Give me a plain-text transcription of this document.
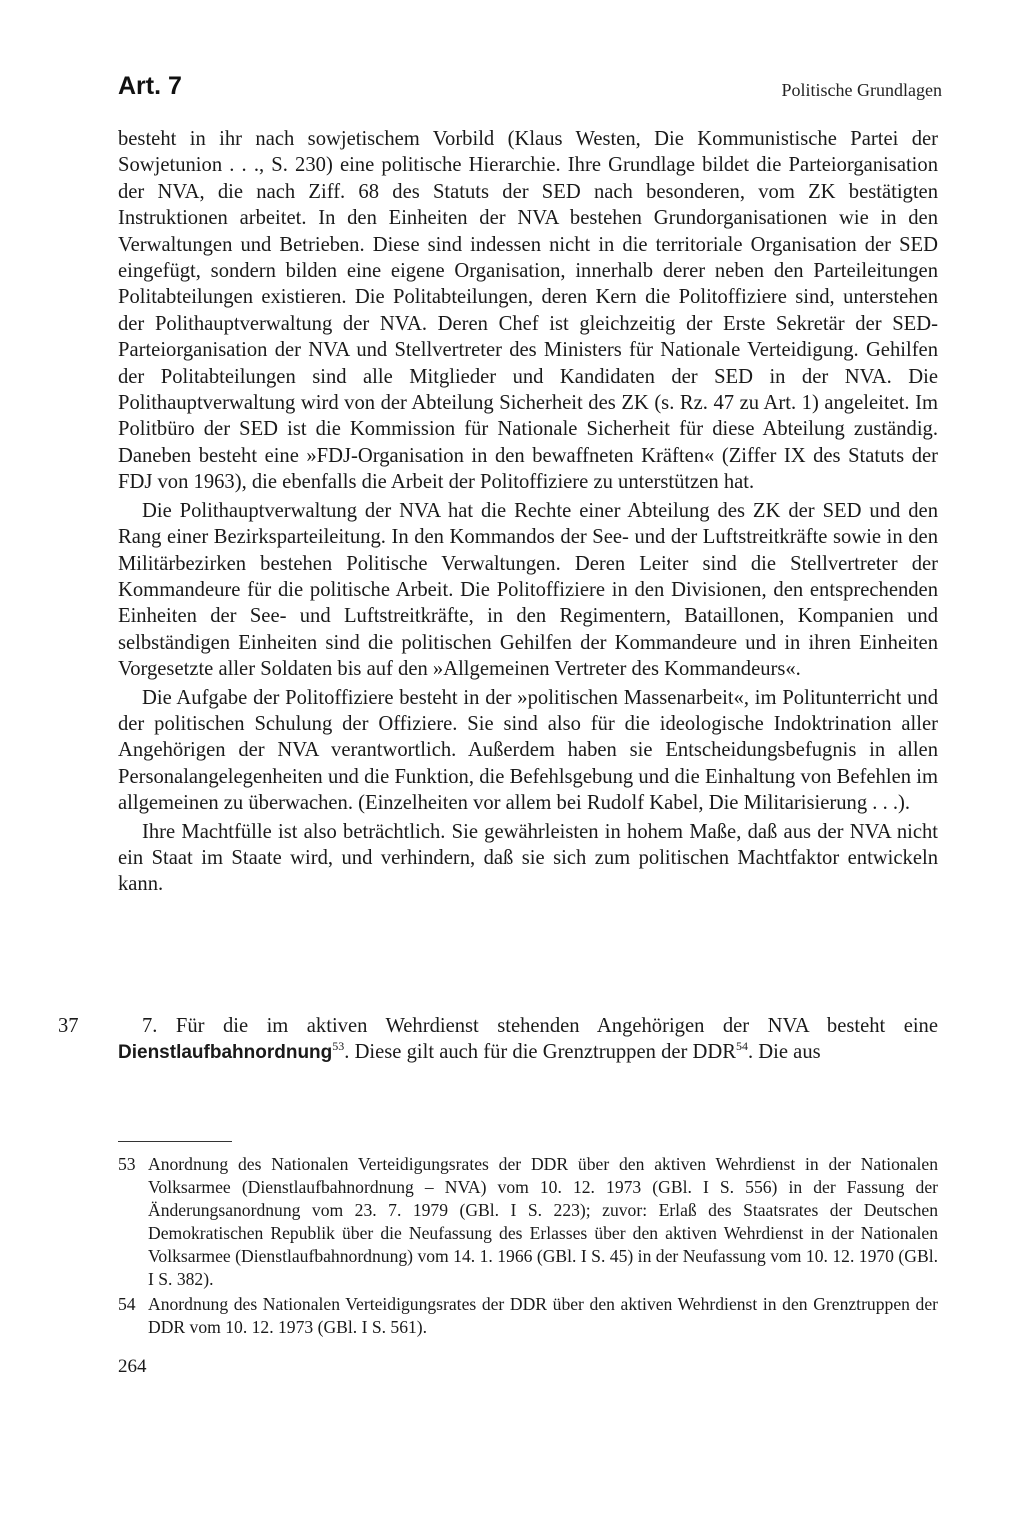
Art. 7	Politische Grundlagen

besteht in ihr nach sowjetischem Vorbild (Klaus Westen, Die Kommunistische Partei der Sowjetunion . . ., S. 230) eine politische Hierarchie. Ihre Grundlage bildet die Parteiorganisation der NVA, die nach Ziff. 68 des Statuts der SED nach besonderen, vom ZK bestätigten Instruktionen arbeitet. In den Einheiten der NVA bestehen Grundorganisationen wie in den Verwaltungen und Betrieben. Diese sind indessen nicht in die territoriale Organisation der SED eingefügt, sondern bilden eine eigene Organisation, innerhalb derer neben den Parteileitungen Politabteilungen existieren. Die Politabteilungen, deren Kern die Politoffiziere sind, unterstehen der Polithauptverwaltung der NVA. Deren Chef ist gleichzeitig der Erste Sekretär der SED-Parteiorganisation der NVA und Stellvertreter des Ministers für Nationale Verteidigung. Gehilfen der Politabteilungen sind alle Mitglieder und Kandidaten der SED in der NVA. Die Polithauptverwaltung wird von der Abteilung Sicherheit des ZK (s. Rz. 47 zu Art. 1) angeleitet. Im Politbüro der SED ist die Kommission für Nationale Sicherheit für diese Abteilung zuständig. Daneben besteht eine »FDJ-Organisation in den bewaffneten Kräften« (Ziffer IX des Statuts der FDJ von 1963), die ebenfalls die Arbeit der Politoffiziere zu unterstützen hat.

Die Polithauptverwaltung der NVA hat die Rechte einer Abteilung des ZK der SED und den Rang einer Bezirksparteileitung. In den Kommandos der See- und der Luftstreitkräfte sowie in den Militärbezirken bestehen Politische Verwaltungen. Deren Leiter sind die Stellvertreter der Kommandeure für die politische Arbeit. Die Politoffiziere in den Divisionen, den entsprechenden Einheiten der See- und Luftstreitkräfte, in den Regimentern, Bataillonen, Kompanien und selbständigen Einheiten sind die politischen Gehilfen der Kommandeure und in ihren Einheiten Vorgesetzte aller Soldaten bis auf den »Allgemeinen Vertreter des Kommandeurs«.

Die Aufgabe der Politoffiziere besteht in der »politischen Massenarbeit«, im Politunterricht und der politischen Schulung der Offiziere. Sie sind also für die ideologische Indoktrination aller Angehörigen der NVA verantwortlich. Außerdem haben sie Entscheidungsbefugnis in allen Personalangelegenheiten und die Funktion, die Befehlsgebung und die Einhaltung von Befehlen im allgemeinen zu überwachen. (Einzelheiten vor allem bei Rudolf Kabel, Die Militarisierung . . .).

Ihre Machtfülle ist also beträchtlich. Sie gewährleisten in hohem Maße, daß aus der NVA nicht ein Staat im Staate wird, und verhindern, daß sie sich zum politischen Machtfaktor entwickeln kann.

37	7. Für die im aktiven Wehrdienst stehenden Angehörigen der NVA besteht eine Dienstlaufbahnordnung$^{53}$. Diese gilt auch für die Grenztruppen der DDR$^{54}$. Die aus

53 Anordnung des Nationalen Verteidigungsrates der DDR über den aktiven Wehrdienst in der Nationalen Volksarmee (Dienstlaufbahnordnung – NVA) vom 10. 12. 1973 (GBl. I S. 556) in der Fassung der Änderungsanordnung vom 23. 7. 1979 (GBl. I S. 223); zuvor: Erlaß des Staatsrates der Deutschen Demokratischen Republik über die Neufassung des Erlasses über den aktiven Wehrdienst in der Nationalen Volksarmee (Dienstlaufbahnordnung) vom 14. 1. 1966 (GBl. I S. 45) in der Neufassung vom 10. 12. 1970 (GBl. I S. 382).
54 Anordnung des Nationalen Verteidigungsrates der DDR über den aktiven Wehrdienst in den Grenztruppen der DDR vom 10. 12. 1973 (GBl. I S. 561).
264
